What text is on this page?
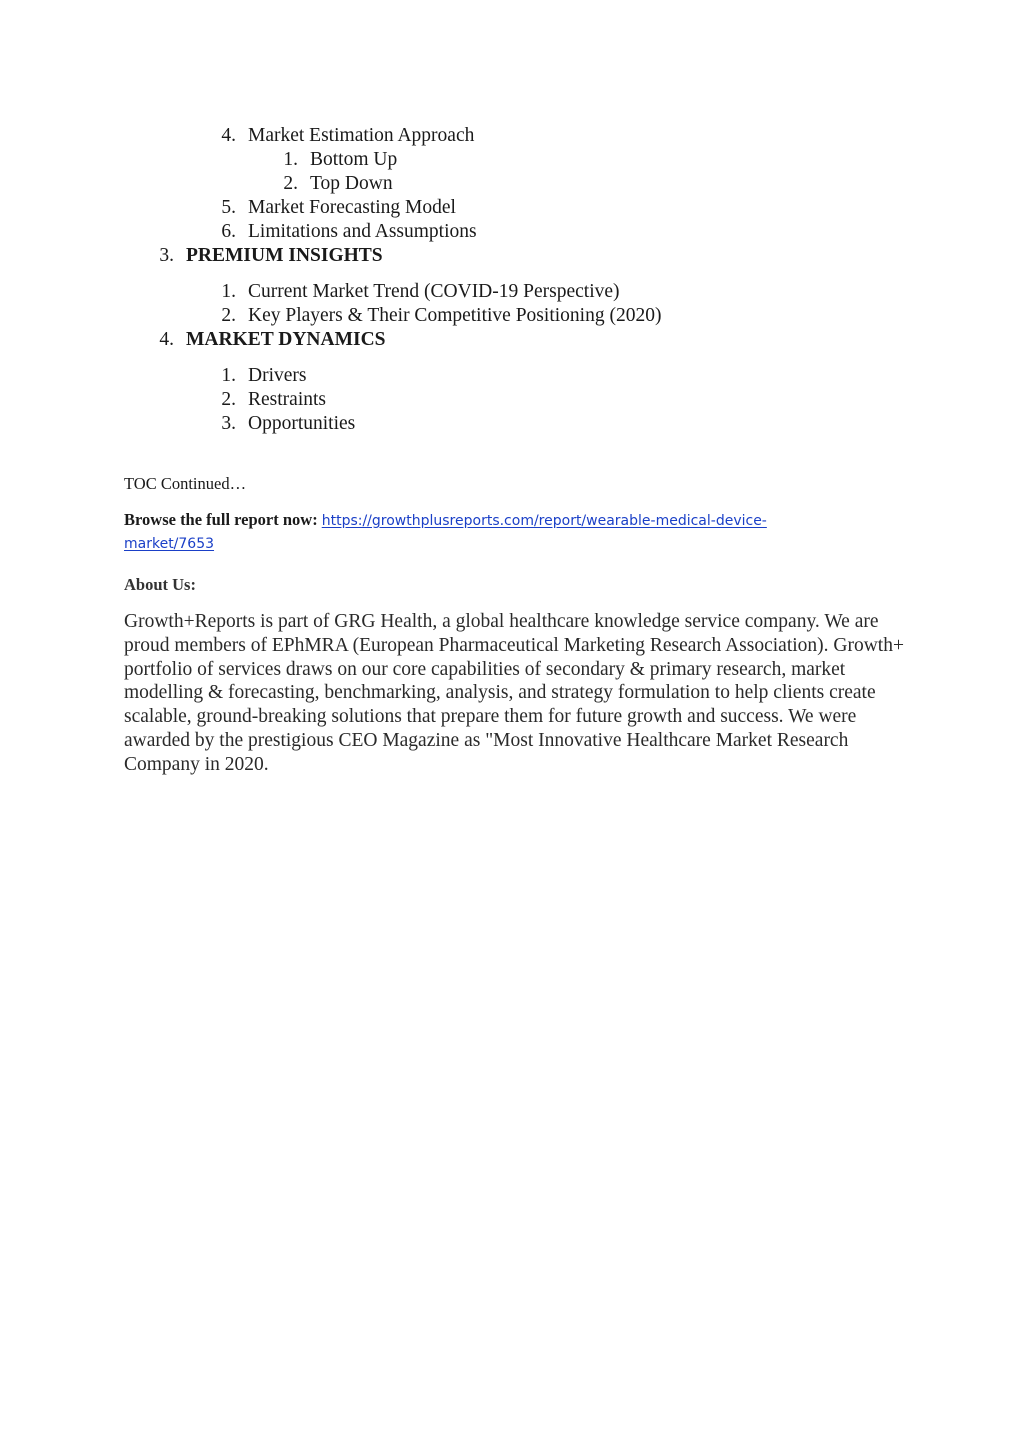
4. Market Estimation Approach
1. Bottom Up
2. Top Down
5. Market Forecasting Model
6. Limitations and Assumptions
3. PREMIUM INSIGHTS
1. Current Market Trend (COVID-19 Perspective)
2. Key Players & Their Competitive Positioning (2020)
4. MARKET DYNAMICS
1. Drivers
2. Restraints
3. Opportunities
TOC Continued…
Browse the full report now: https://growthplusreports.com/report/wearable-medical-device-
market/7653
About Us:
Growth+Reports is part of GRG Health, a global healthcare knowledge service company. We are proud members of EPhMRA (European Pharmaceutical Marketing Research Association). Growth+ portfolio of services draws on our core capabilities of secondary & primary research, market modelling & forecasting, benchmarking, analysis, and strategy formulation to help clients create scalable, ground-breaking solutions that prepare them for future growth and success. We were awarded by the prestigious CEO Magazine as "Most Innovative Healthcare Market Research Company in 2020.
